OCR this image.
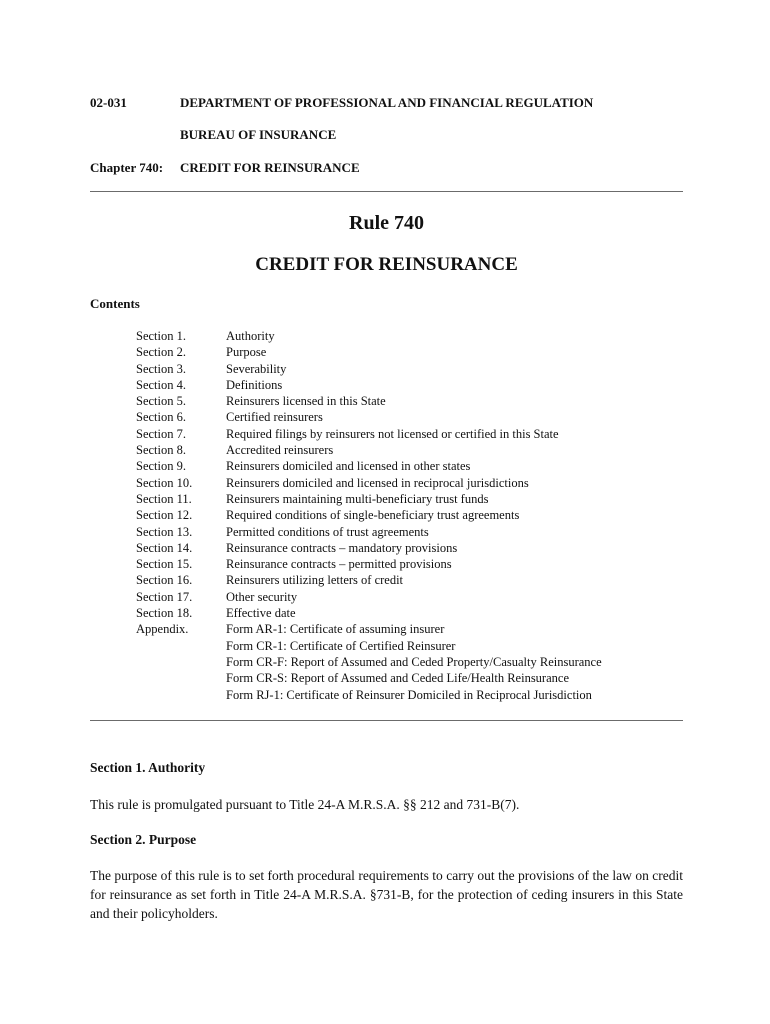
02-031	DEPARTMENT OF PROFESSIONAL AND FINANCIAL REGULATION
BUREAU OF INSURANCE
Chapter 740: CREDIT FOR REINSURANCE
Rule 740
CREDIT FOR REINSURANCE
Contents
Section 1.	Authority
Section 2.	Purpose
Section 3.	Severability
Section 4.	Definitions
Section 5.	Reinsurers licensed in this State
Section 6.	Certified reinsurers
Section 7.	Required filings by reinsurers not licensed or certified in this State
Section 8.	Accredited reinsurers
Section 9.	Reinsurers domiciled and licensed in other states
Section 10.	Reinsurers domiciled and licensed in reciprocal jurisdictions
Section 11.	Reinsurers maintaining multi-beneficiary trust funds
Section 12.	Required conditions of single-beneficiary trust agreements
Section 13.	Permitted conditions of trust agreements
Section 14.	Reinsurance contracts – mandatory provisions
Section 15.	Reinsurance contracts – permitted provisions
Section 16.	Reinsurers utilizing letters of credit
Section 17.	Other security
Section 18.	Effective date
Appendix.	Form AR-1: Certificate of assuming insurer
Form CR-1: Certificate of Certified Reinsurer
Form CR-F: Report of Assumed and Ceded Property/Casualty Reinsurance
Form CR-S: Report of Assumed and Ceded Life/Health Reinsurance
Form RJ-1: Certificate of Reinsurer Domiciled in Reciprocal Jurisdiction
Section 1. Authority
This rule is promulgated pursuant to Title 24-A M.R.S.A. §§ 212 and 731-B(7).
Section 2. Purpose
The purpose of this rule is to set forth procedural requirements to carry out the provisions of the law on credit for reinsurance as set forth in Title 24-A M.R.S.A. §731-B, for the protection of ceding insurers in this State and their policyholders.
